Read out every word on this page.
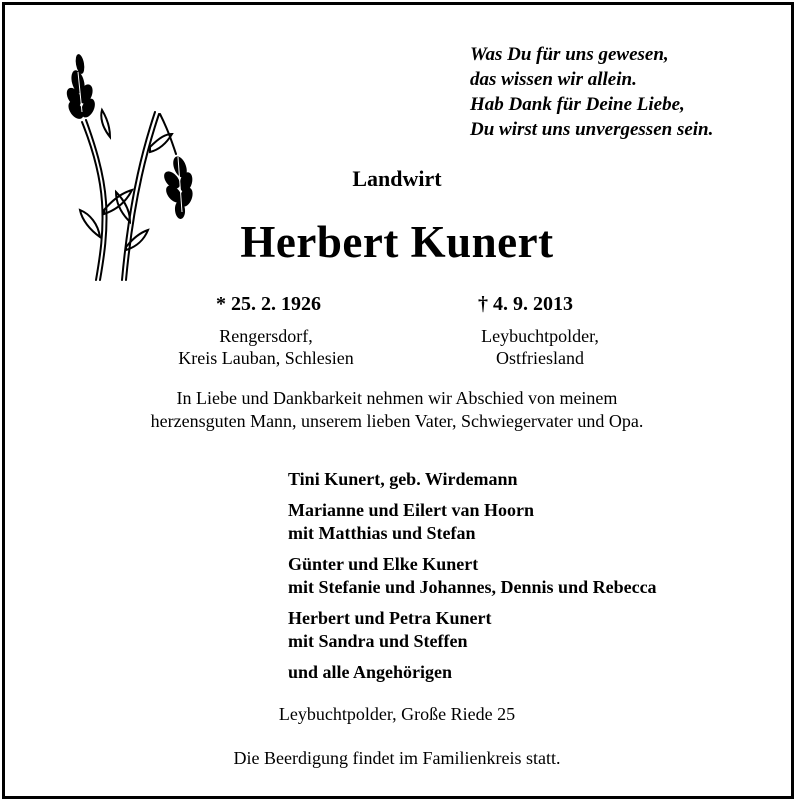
Was Du für uns gewesen,
das wissen wir allein.
Hab Dank für Deine Liebe,
Du wirst uns unvergessen sein.
Landwirt
Herbert Kunert
* 25. 2. 1926	† 4. 9. 2013
Rengersdorf,
Kreis Lauban, Schlesien
Leybuchtpolder,
Ostfriesland
In Liebe und Dankbarkeit nehmen wir Abschied von meinem
herzensguten Mann, unserem lieben Vater, Schwiegervater und Opa.
Tini Kunert, geb. Wirdemann
Marianne und Eilert van Hoorn
mit Matthias und Stefan
Günter und Elke Kunert
mit Stefanie und Johannes, Dennis und Rebecca
Herbert und Petra Kunert
mit Sandra und Steffen
und alle Angehörigen
Leybuchtpolder, Große Riede 25
Die Beerdigung findet im Familienkreis statt.
